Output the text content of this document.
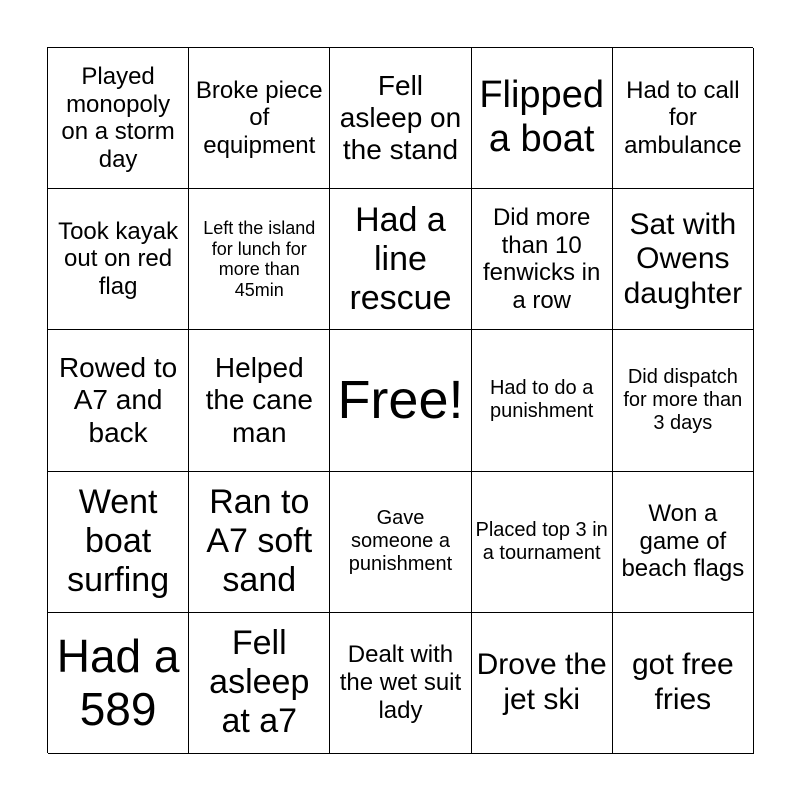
Played monopoly on a storm day
Broke piece of equipment
Fell asleep on the stand
Flipped a boat
Had to call for ambulance
Took kayak out on red flag
Left the island for lunch for more than 45min
Had a line rescue
Did more than 10 fenwicks in a row
Sat with Owens daughter
Rowed to A7 and back
Helped the cane man
Free!	Had to do a punishment
Did dispatch for more than 3 days
Went boat surfing
Ran to A7 soft sand
Gave someone a punishment
Placed top 3 in a tournament
Won a game of beach flags
Had a 589
Fell asleep at a7
Dealt with the wet suit lady
Drove the jet ski
got free fries
